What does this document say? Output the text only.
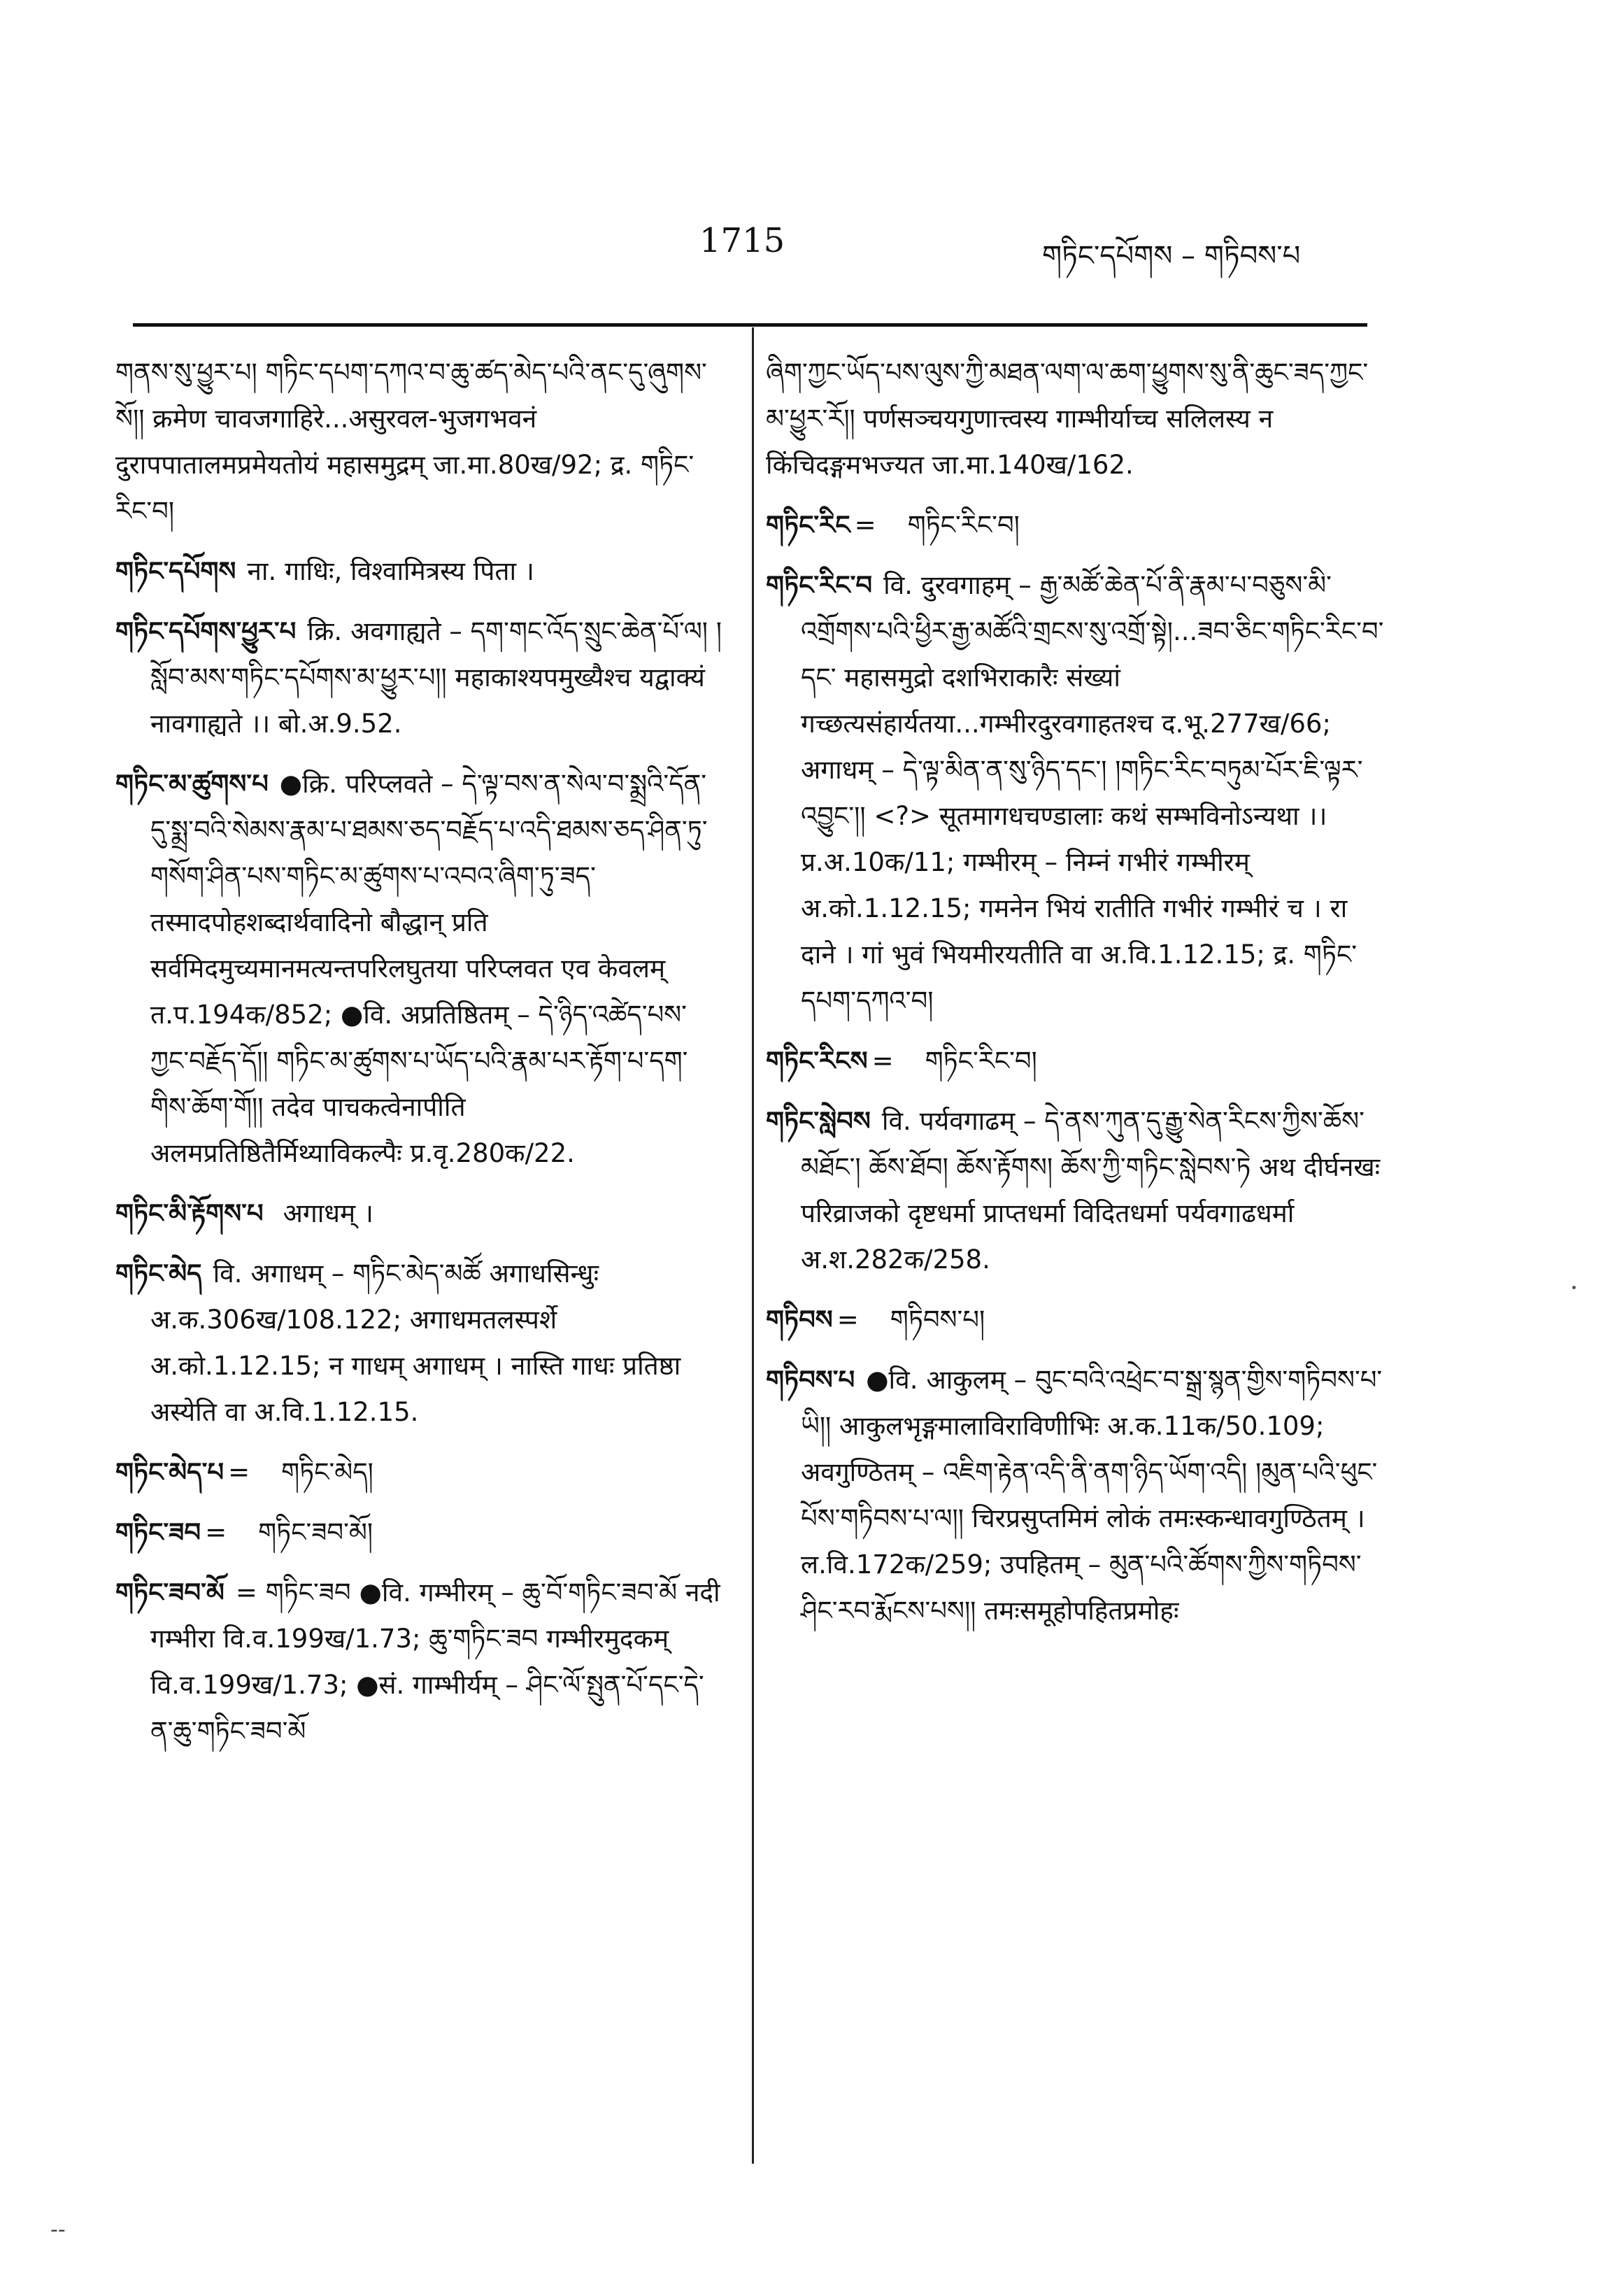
1715	གཏིང་དཔོགས – གཏིབས་པ

གནས་སུ་ཕྱུར་པ། གཏིང་དཔག་དཀའ་བ་ཆུ་ཚད་མེད་པའི་ནང་དུ་ཞུགས་སོ།། क्रमेण चावजगाहिरे...असुरवल-भुजगभवनं दुरापपातालमप्रमेयतोयं महासमुद्रम् जा.मा.80ख/92; द्र. གཏིང་རིང་བ།

གཏིང་དཔོགས ना. गाधिः, विश्वामित्रस्य पिता ।

གཏིང་དཔོགས་ཕྱུར་པ क्रि. अवगाह्यते – དག་གང་འོད་སྲུང་ཆེན་པོ་ལ། །སློབ་མས་གཏིང་དཔོགས་མ་ཕྱུར་པ།། महाकाश्यपमुख्यैश्च यद्वाक्यं नावगाह्यते ।। बो.अ.9.52.

གཏིང་མ་ཚུགས་པ ●क्रि. परिप्लवते – དེ་ལྟ་བས་ན་སེལ་བ་སྨྲའི་དོན་དུ་སྨྲ་བའི་སེམས་རྣམ་པ་ཐམས་ཅད་བརྗོད་པ་འདི་ཐམས་ཅད་ཤིན་ཏུ་གསོག་ཤིན་པས་གཏིང་མ་ཚུགས་པ་འབའ་ཞིག་ཏུ་ཟད་ तस्मादपोहशब्दार्थवादिनो बौद्धान् प्रति सर्वमिदमुच्यमानमत्यन्तपरिलघुतया परिप्लवत एव केवलम् त.प.194क/852; ●वि. अप्रतिष्ठितम् – དེ་ཉིད་འཚེད་པས་ཀྱང་བརྗོད་དོ།། གཏིང་མ་ཚུགས་པ་ཡོད་པའི་རྣམ་པར་རྟོག་པ་དག་གིས་ཆོག་གོ།། तदेव पाचकत्वेनापीति अलमप्रतिष्ठितैर्मिथ्याविकल्पैः प्र.वृ.280क/22.

གཏིང་མི་རྟོགས་པ अगाधम् ।

གཏིང་མེད वि. अगाधम् – གཏིང་མེད་མཚོ अगाधसिन्धुः अ.क.306ख/108.122; अगाधमतलस्पर्शे अ.को.1.12.15; न गाधम् अगाधम् । नास्ति गाधः प्रतिष्ठा अस्येति वा अ.वि.1.12.15.

གཏིང་མེད་པ = གཏིང་མེད།

གཏིང་ཟབ = གཏིང་ཟབ་མོ།

གཏིང་ཟབ་མོ = གཏིང་ཟབ ●वि. गम्भीरम् – ཆུ་བོ་གཏིང་ཟབ་མོ नदी गम्भीरा वि.व.199ख/1.73; ཆུ་གཏིང་ཟབ गम्भीरमुदकम् वि.व.199ख/1.73; ●सं. गाम्भीर्यम् – ཤིང་ལོ་སྤུན་པོ་དང་དེ་ན་ཆུ་གཏིང་ཟབ་མོ

ཞིག་ཀྱང་ཡོད་པས་ལུས་ཀྱི་མཐན་ལག་ལ་ཆག་ཕྱུགས་སུ་ནི་ཆུང་ཟད་ཀྱང་མ་ཕྱུར་རོ།། पर्णसञ्चयगुणात्त्वस्य गाम्भीर्याच्च सलिलस्य न किंचिदङ्गमभज्यत जा.मा.140ख/162.

གཏིང་རིང = གཏིང་རིང་བ།

གཏིང་རིང་བ वि. दुरवगाहम् – རྒྱ་མཚོ་ཆེན་པོ་ནི་རྣམ་པ་བཅུས་མི་འགྲོགས་པའི་ཕྱིར་རྒྱ་མཚོའི་གྲངས་སུ་འགྲོ་སྟེ།...ཟབ་ཅིང་གཏིང་རིང་བ་དང་ महासमुद्रो दशभिराकारैः संख्यां गच्छत्यसंहार्यतया...गम्भीरदुरवगाहतश्च द.भू.277ख/66; अगाधम् – དེ་ལྟ་མིན་ན་སུ་ཉིད་དང་། །གཏིང་རིང་བཏུམ་པོར་ཇི་ལྟར་འབྱུང་།། <?> सूतमागधचण्डालाः कथं सम्भविनोऽन्यथा ।। प्र.अ.10क/11; गम्भीरम् – निम्नं गभीरं गम्भीरम् अ.को.1.12.15; गमनेन भियं रातीति गभीरं गम्भीरं च । रा दाने । गां भुवं भियमीरयतीति वा अ.वि.1.12.15; द्र. གཏིང་དཔག་དཀའ་བ།

གཏིང་རིངས = གཏིང་རིང་བ།

གཏིང་སླེབས वि. पर्यवगाढम् – དེ་ནས་ཀུན་དུ་རྒྱུ་སེན་རིངས་ཀྱིས་ཆོས་མཐོང་། ཆོས་ཐོབ། ཆོས་རྟོགས། ཆོས་ཀྱི་གཏིང་སླེབས་ཏེ अथ दीर्घनखः परिव्राजको दृष्टधर्मा प्राप्तधर्मा विदितधर्मा पर्यवगाढधर्मा अ.श.282क/258.

གཏིབས = གཏིབས་པ།

གཏིབས་པ ●वि. आकुलम् – བུང་བའི་འཕྲེང་བ་སྒྲ་སྙན་གྱིས་གཏིབས་པ་ཡི།། आकुलभृङ्गमालाविराविणीभिः अ.क.11क/50.109; अवगुण्ठितम् – འཇིག་རྟེན་འདི་ནི་ནག་ཉིད་ཡོག་འདི། །མུན་པའི་ཕུང་པོས་གཏིབས་པ་ལ།། चिरप्रसुप्तमिमं लोकं तमःस्कन्धावगुण्ठितम् । ल.वि.172क/259; उपहितम् – མུན་པའི་ཚོགས་ཀྱིས་གཏིབས་ཤིང་རབ་རྨོངས་པས།། तमःसमूहोपहितप्रमोहः

--
